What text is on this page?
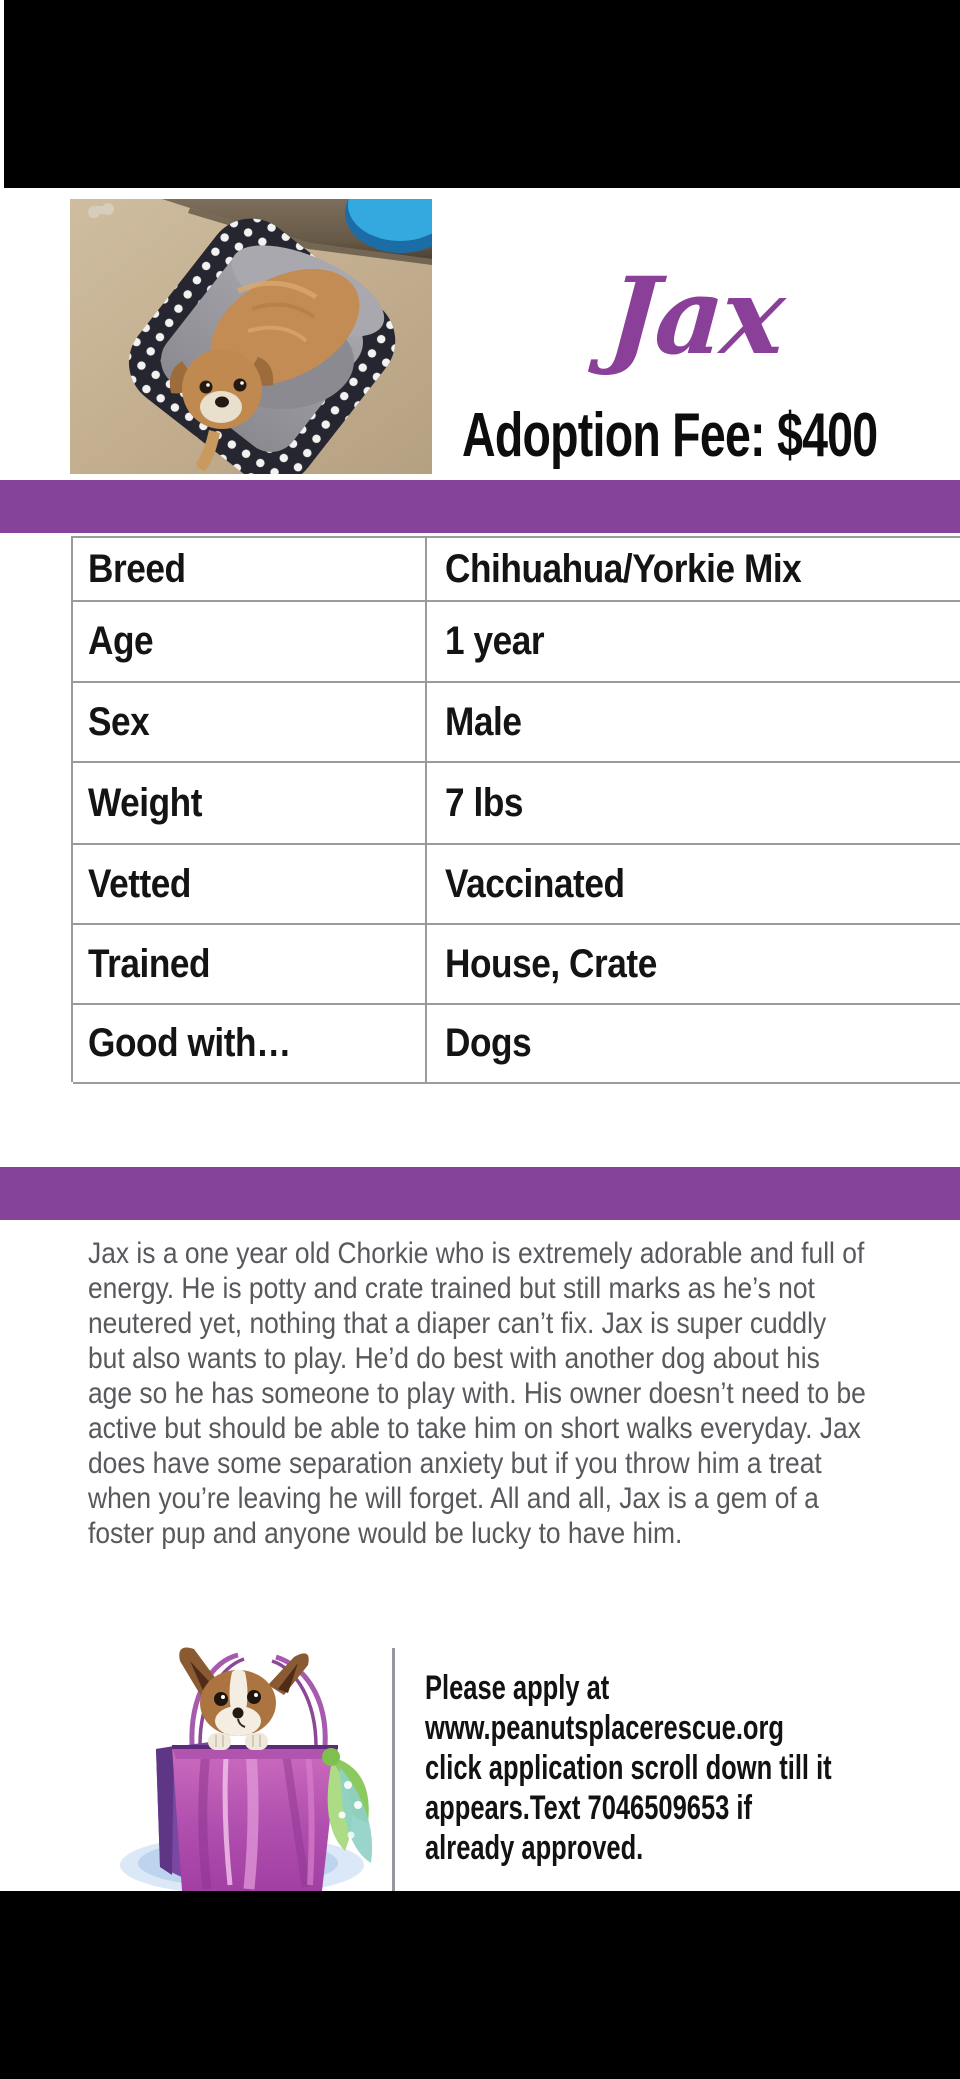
Jax
Adoption Fee: $400
Breed	Chihuahua/Yorkie Mix
Age	1 year
Sex	Male
Weight	7 lbs
Vetted	Vaccinated
Trained	House, Crate
Good with…	Dogs
Jax is a one year old Chorkie who is extremely adorable and full of energy. He is potty and crate trained but still marks as he’s not neutered yet, nothing that a diaper can’t fix. Jax is super cuddly but also wants to play. He’d do best with another dog about his age so he has someone to play with. His owner doesn’t need to be active but should be able to take him on short walks everyday. Jax does have some separation anxiety but if you throw him a treat when you’re leaving he will forget. All and all, Jax is a gem of a foster pup and anyone would be lucky to have him.
Please apply at www.peanutsplacerescue.org click application scroll down till it appears.Text 7046509653 if already approved.
